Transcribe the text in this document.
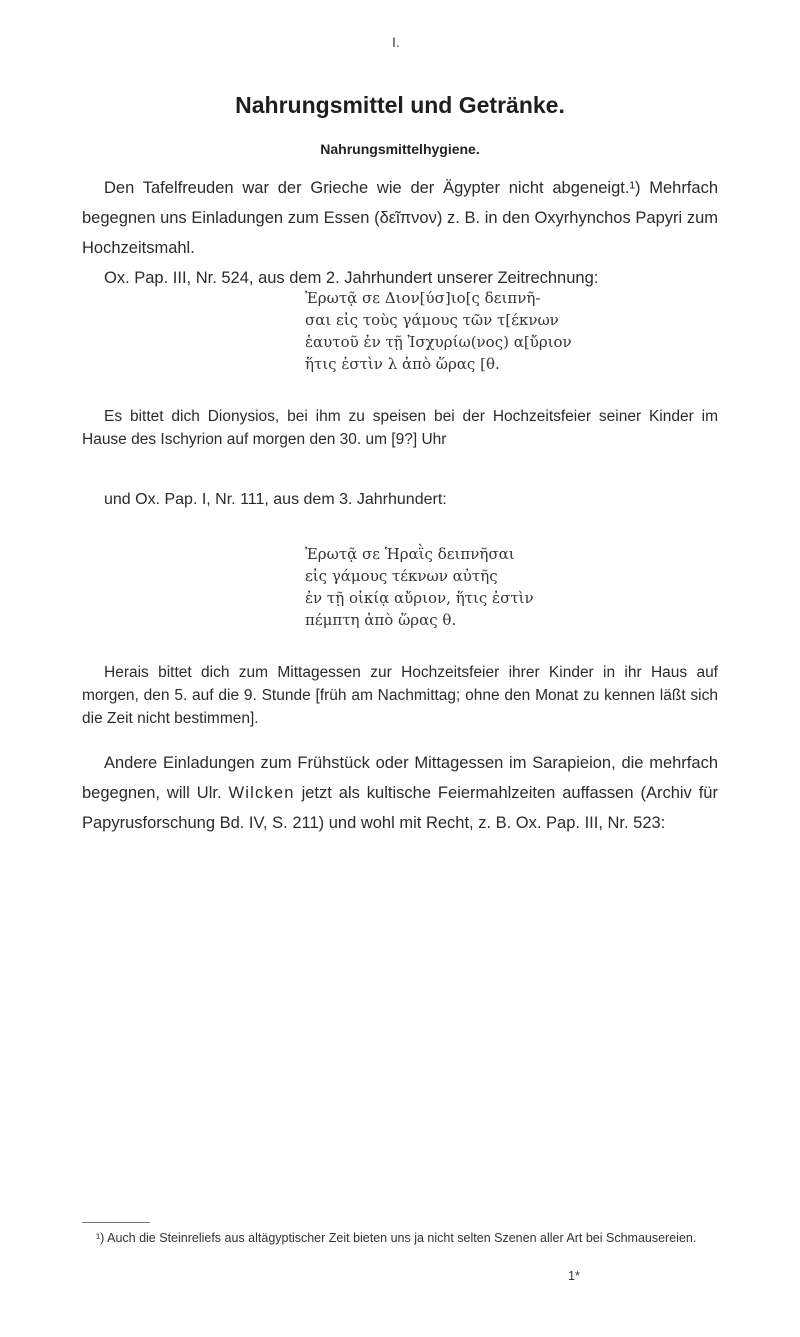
I.
Nahrungsmittel und Getränke.
Nahrungsmittelhygiene.

Den Tafelfreuden war der Grieche wie der Ägypter nicht abgeneigt.¹) Mehrfach begegnen uns Einladungen zum Essen (δεῖπνον) z. B. in den Oxyrhynchos Papyri zum Hochzeitsmahl.

Ox. Pap. III, Nr. 524, aus dem 2. Jahrhundert unserer Zeitrechnung:

Ἐρωτᾷ σε Διον[ύσ]ιο[ς δειπνῆ-
σαι εἰς τοὺς γάμους τῶν τ[έκνων
ἑαυτοῦ ἐν τῇ Ἰσχυρίω(νος) α[ὔριον
ἥτις ἐστὶν λ ἀπὸ ὥρας [θ.

Es bittet dich Dionysios, bei ihm zu speisen bei der Hochzeitsfeier seiner Kinder im Hause des Ischyrion auf morgen den 30. um [9?] Uhr

und Ox. Pap. I, Nr. 111, aus dem 3. Jahrhundert:
Ἐρωτᾷ σε Ἡραῒς δειπνῆσαι
εἰς γάμους τέκνων αὐτῆς
ἐν τῇ οἰκίᾳ αὔριον, ἥτις ἐστὶν
πέμπτη ἀπὸ ὥρας θ.

Herais bittet dich zum Mittagessen zur Hochzeitsfeier ihrer Kinder in ihr Haus auf morgen, den 5. auf die 9. Stunde [früh am Nachmittag; ohne den Monat zu kennen läßt sich die Zeit nicht bestimmen].

Andere Einladungen zum Frühstück oder Mittagessen im Sarapieion, die mehrfach begegnen, will Ulr. Wilcken jetzt als kultische Feiermahlzeiten auffassen (Archiv für Papyrusforschung Bd. IV, S. 211) und wohl mit Recht, z. B. Ox. Pap. III, Nr. 523:

¹) Auch die Steinreliefs aus altägyptischer Zeit bieten uns ja nicht selten Szenen aller Art bei Schmausereien.

1*
